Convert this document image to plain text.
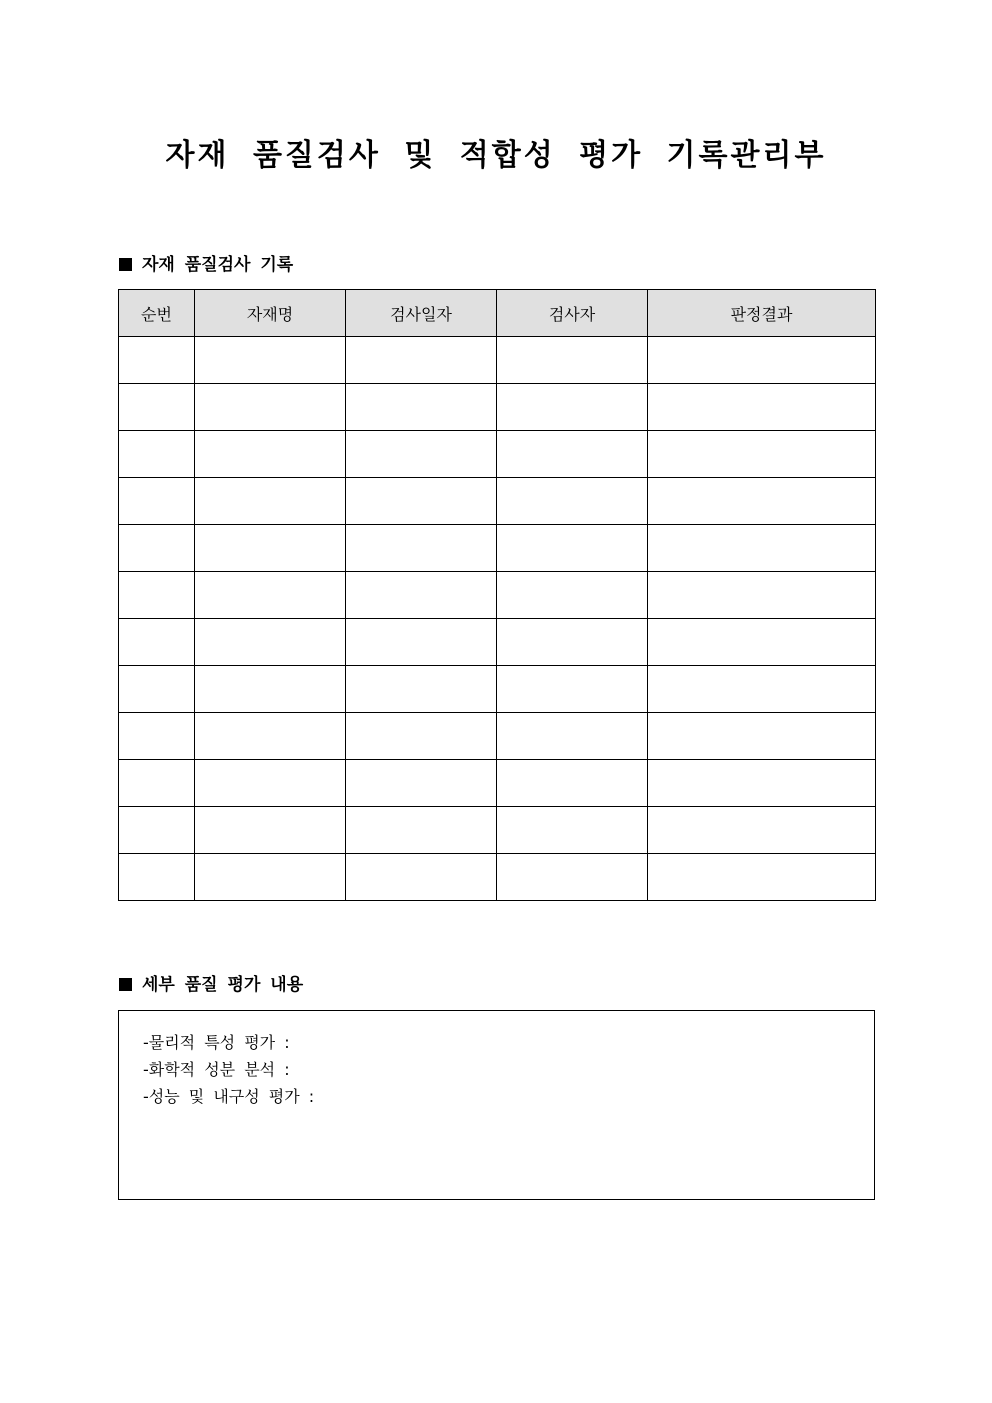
자재 품질검사 및 적합성 평가 기록관리부
자재 품질검사 기록
순번	자재명	검사일자	검사자	판정결과

세부 품질 평가 내용
-물리적 특성 평가 :
-화학적 성분 분석 :
-성능 및 내구성 평가 :
